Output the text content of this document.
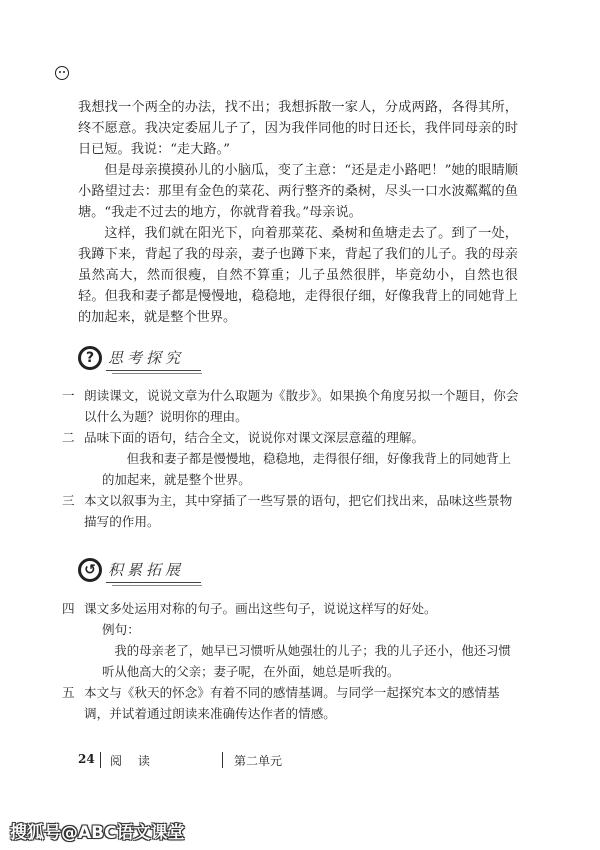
我想找一个两全的办法，找不出；我想拆散一家人，分成两路，各得其所，终不愿意。我决定委屈儿子了，因为我伴同他的时日还长，我伴同母亲的时日已短。我说：“走大路。”

但是母亲摸摸孙儿的小脑瓜，变了主意：“还是走小路吧！”她的眼睛顺小路望过去：那里有金色的菜花、两行整齐的桑树，尽头一口水波粼粼的鱼塘。“我走不过去的地方，你就背着我。”母亲说。

这样，我们就在阳光下，向着那菜花、桑树和鱼塘走去了。到了一处，我蹲下来，背起了我的母亲，妻子也蹲下来，背起了我们的儿子。我的母亲虽然高大，然而很瘦，自然不算重；儿子虽然很胖，毕竟幼小，自然也很轻。但我和妻子都是慢慢地，稳稳地，走得很仔细，好像我背上的同她背上的加起来，就是整个世界。

? 思考探究
一 朗读课文，说说文章为什么取题为《散步》。如果换个角度另拟一个题目，你会以什么为题？说明你的理由。
二 品味下面的语句，结合全文，说说你对课文深层意蕴的理解。

但我和妻子都是慢慢地，稳稳地，走得很仔细，好像我背上的同她背上的加起来，就是整个世界。

三 本文以叙事为主，其中穿插了一些写景的语句，把它们找出来，品味这些景物描写的作用。
↺ 积累拓展
四 课文多处运用对称的句子。画出这些句子，说说这样写的好处。

例句：

我的母亲老了，她早已习惯听从她强壮的儿子；我的儿子还小，他还习惯听从他高大的父亲；妻子呢，在外面，她总是听我的。

五 本文与《秋天的怀念》有着不同的感情基调。与同学一起探究本文的感情基调，并试着通过朗读来准确传达作者的情感。
24 阅 读	第二单元
搜狐号@ABC语文课堂
